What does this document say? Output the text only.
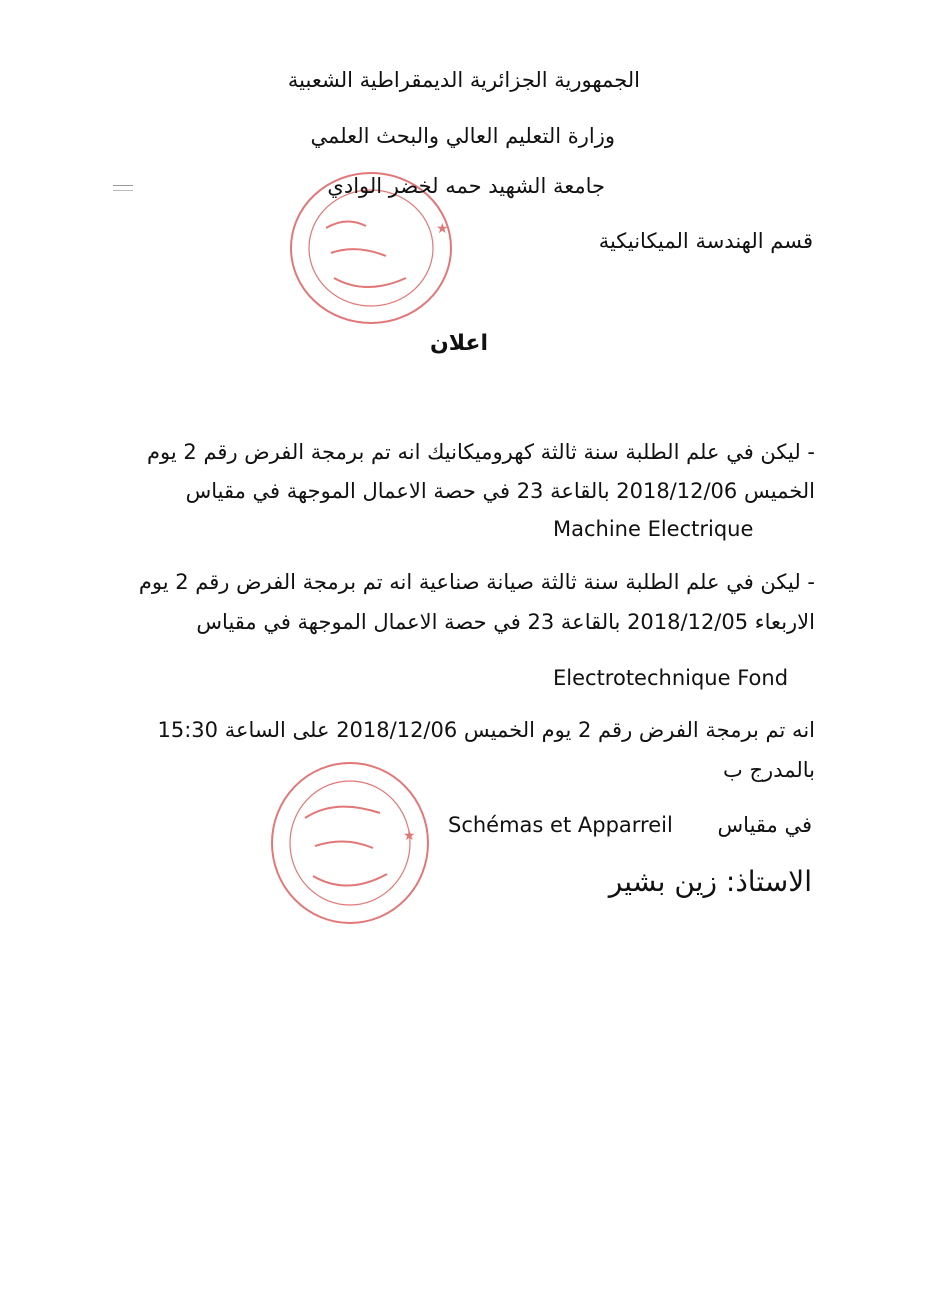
★
★
الجمهورية الجزائرية الديمقراطية الشعبية
وزارة التعليم العالي والبحث العلمي
جامعة الشهيد حمه لخضر الوادي
قسم الهندسة الميكانيكية
اعلان
- ليكن في علم الطلبة سنة ثالثة كهروميكانيك انه تم برمجة الفرض رقم 2 يوم
الخميس 2018/12/06 بالقاعة 23 في حصة الاعمال الموجهة في مقياس
Machine Electrique
- ليكن في علم الطلبة سنة ثالثة صيانة صناعية انه تم برمجة الفرض رقم 2 يوم
الاربعاء 2018/12/05 بالقاعة 23 في حصة الاعمال الموجهة في مقياس
Electrotechnique Fond
انه تم برمجة الفرض رقم 2 يوم الخميس 2018/12/06 على الساعة 15:30
بالمدرج ب
في مقياس
Schémas et Apparreil
الاستاذ: زين بشير
